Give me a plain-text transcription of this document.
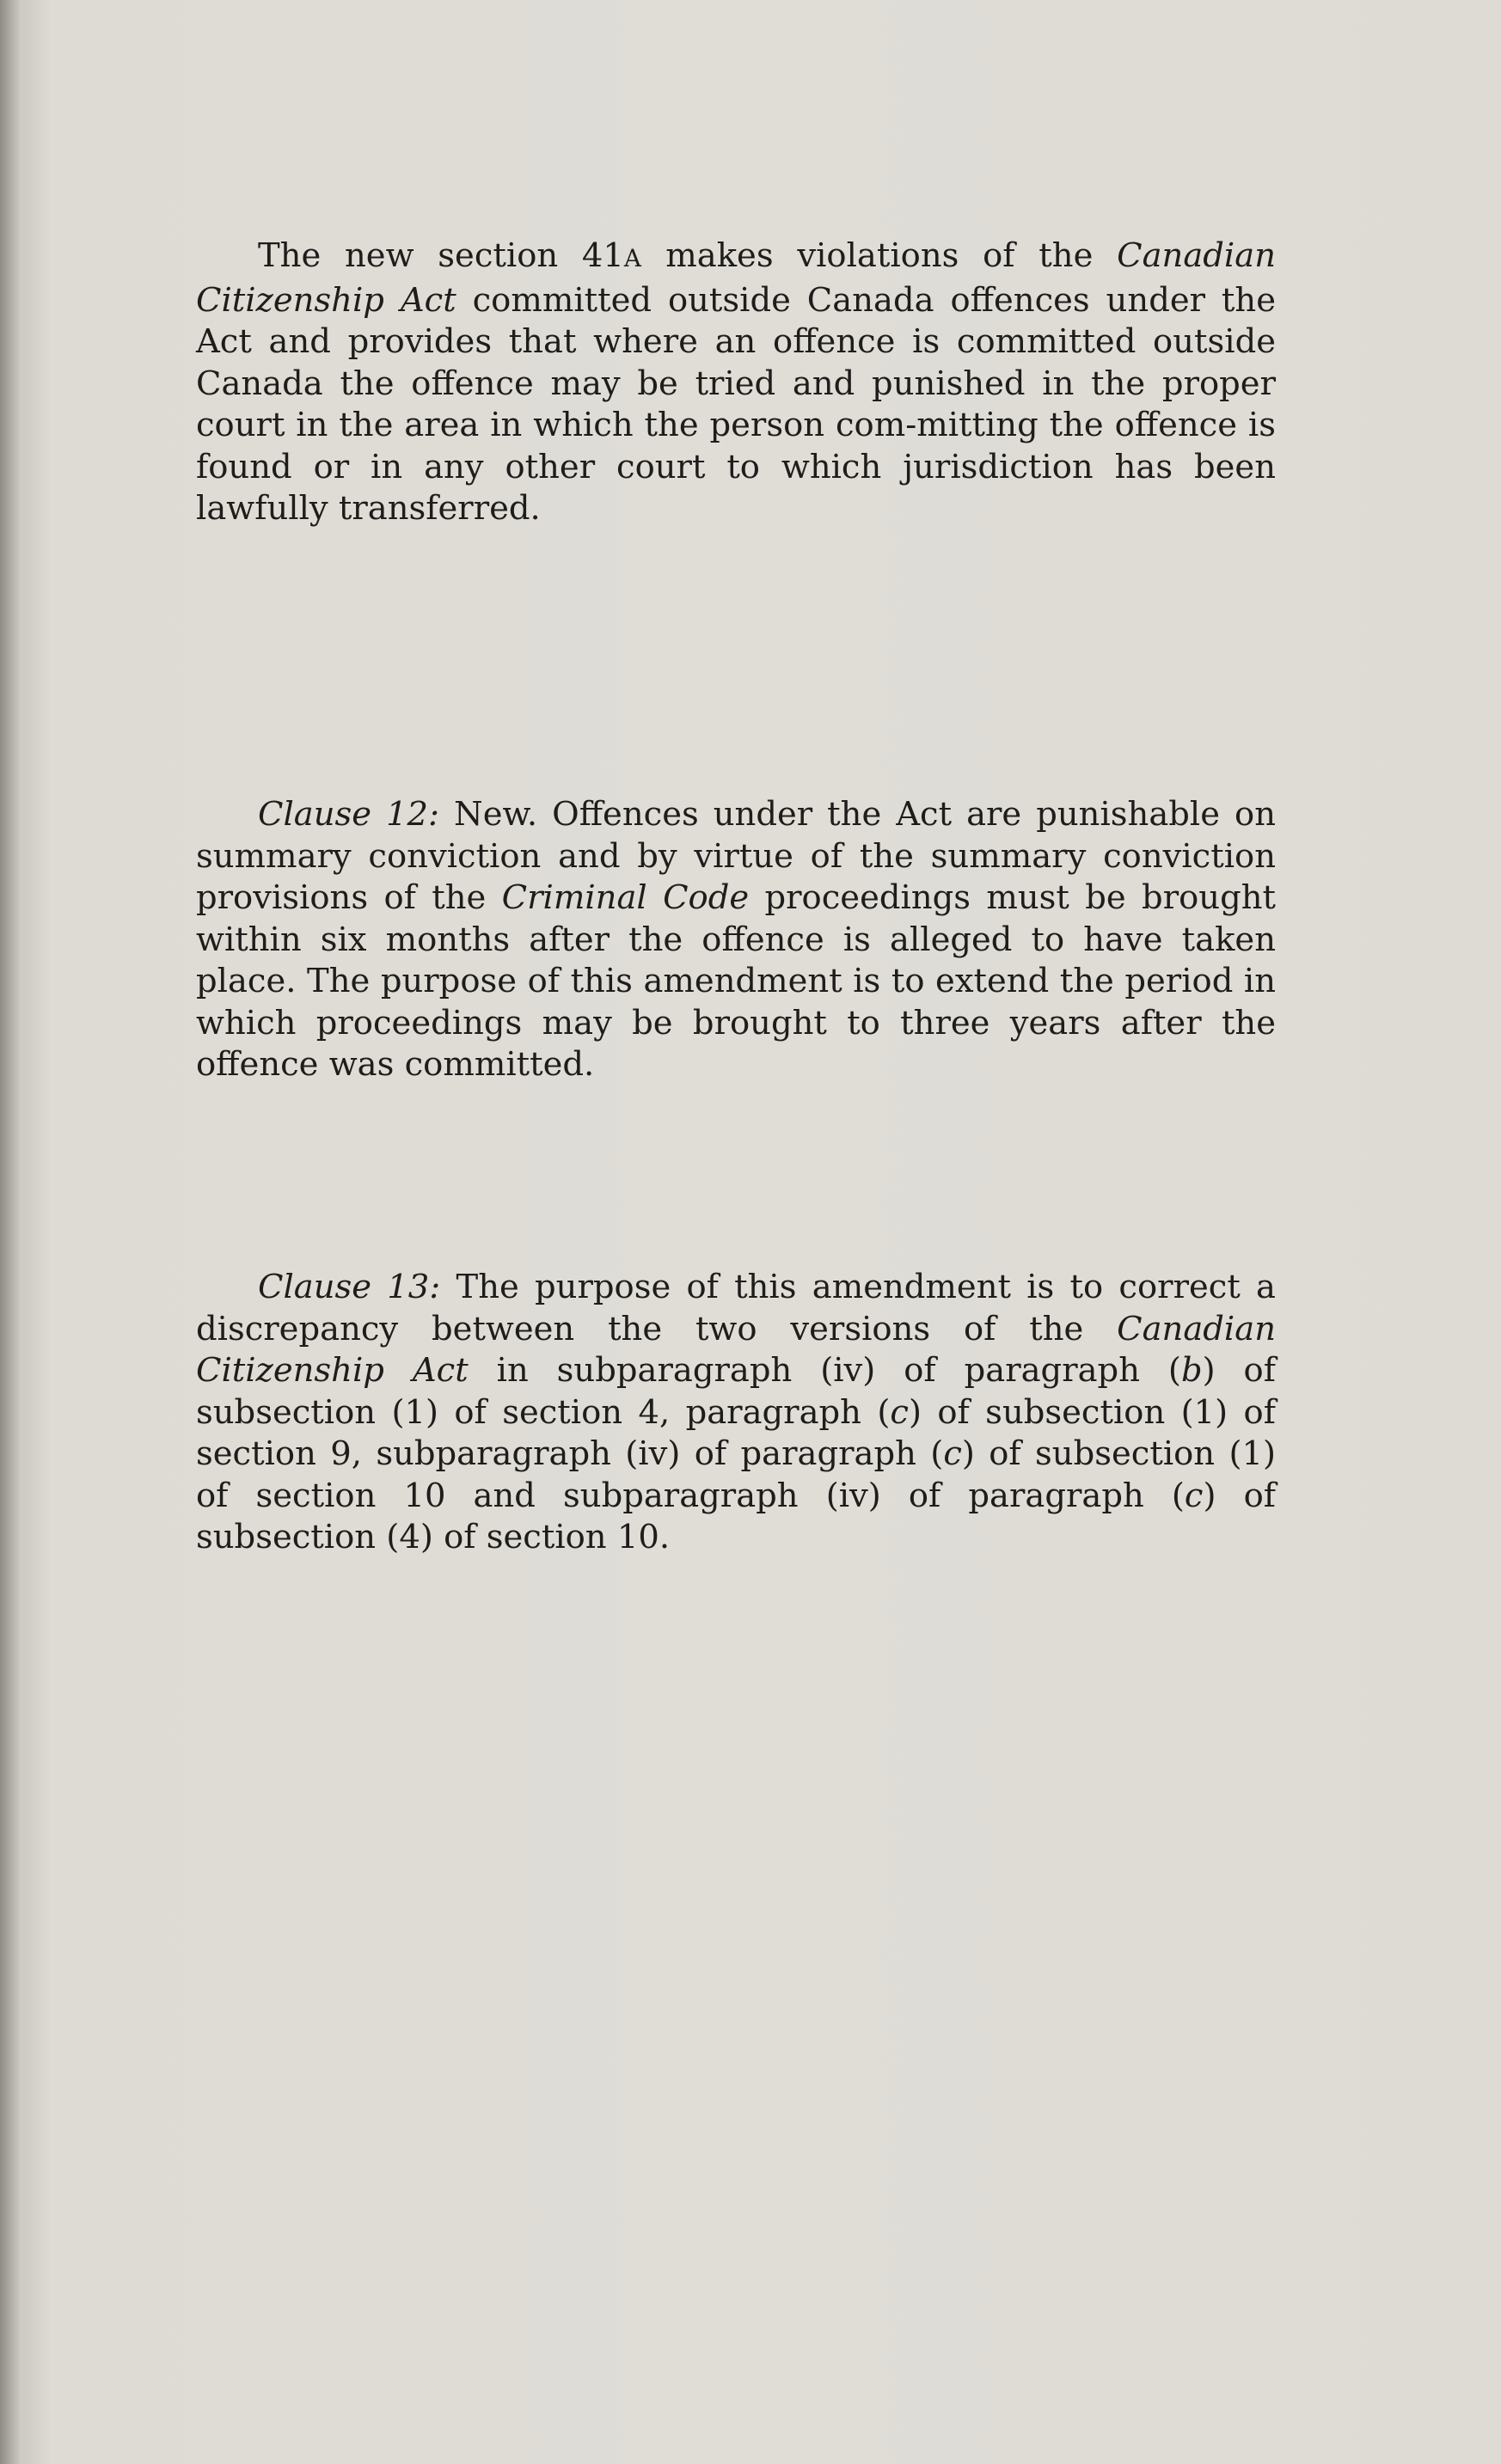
The new section 41A makes violations of the Canadian Citizenship Act committed outside Canada offences under the Act and provides that where an offence is committed outside Canada the offence may be tried and punished in the proper court in the area in which the person com-mitting the offence is found or in any other court to which jurisdiction has been lawfully transferred.

Clause 12: New. Offences under the Act are punishable on summary conviction and by virtue of the summary conviction provisions of the Criminal Code proceedings must be brought within six months after the offence is alleged to have taken place. The purpose of this amendment is to extend the period in which proceedings may be brought to three years after the offence was committed.

Clause 13: The purpose of this amendment is to correct a discrepancy between the two versions of the Canadian Citizenship Act in subparagraph (iv) of paragraph (b) of subsection (1) of section 4, paragraph (c) of subsection (1) of section 9, subparagraph (iv) of paragraph (c) of subsection (1) of section 10 and subparagraph (iv) of paragraph (c) of subsection (4) of section 10.
